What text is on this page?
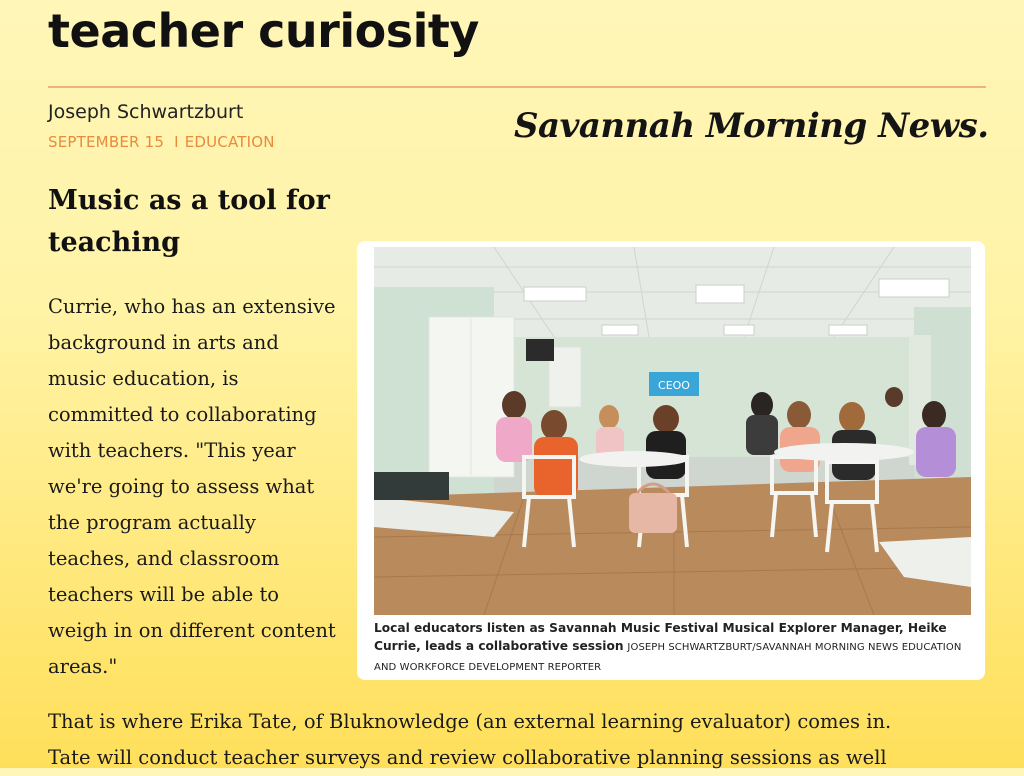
teacher curiosity
Joseph Schwartzburt
SEPTEMBER 15 I EDUCATION	Savannah Morning News.
Music as a tool for teaching

Currie, who has an extensive background in arts and music education, is committed to collaborating with teachers. "This year we're going to assess what the program actually teaches, and classroom teachers will be able to weigh in on different content areas."

CEOO
Local educators listen as Savannah Music Festival Musical Explorer Manager, Heike Currie, leads a collaborative session JOSEPH SCHWARTZBURT/SAVANNAH MORNING NEWS EDUCATION AND WORKFORCE DEVELOPMENT REPORTER
That is where Erika Tate, of Bluknowledge (an external learning evaluator) comes in.
Tate will conduct teacher surveys and review collaborative planning sessions as well
